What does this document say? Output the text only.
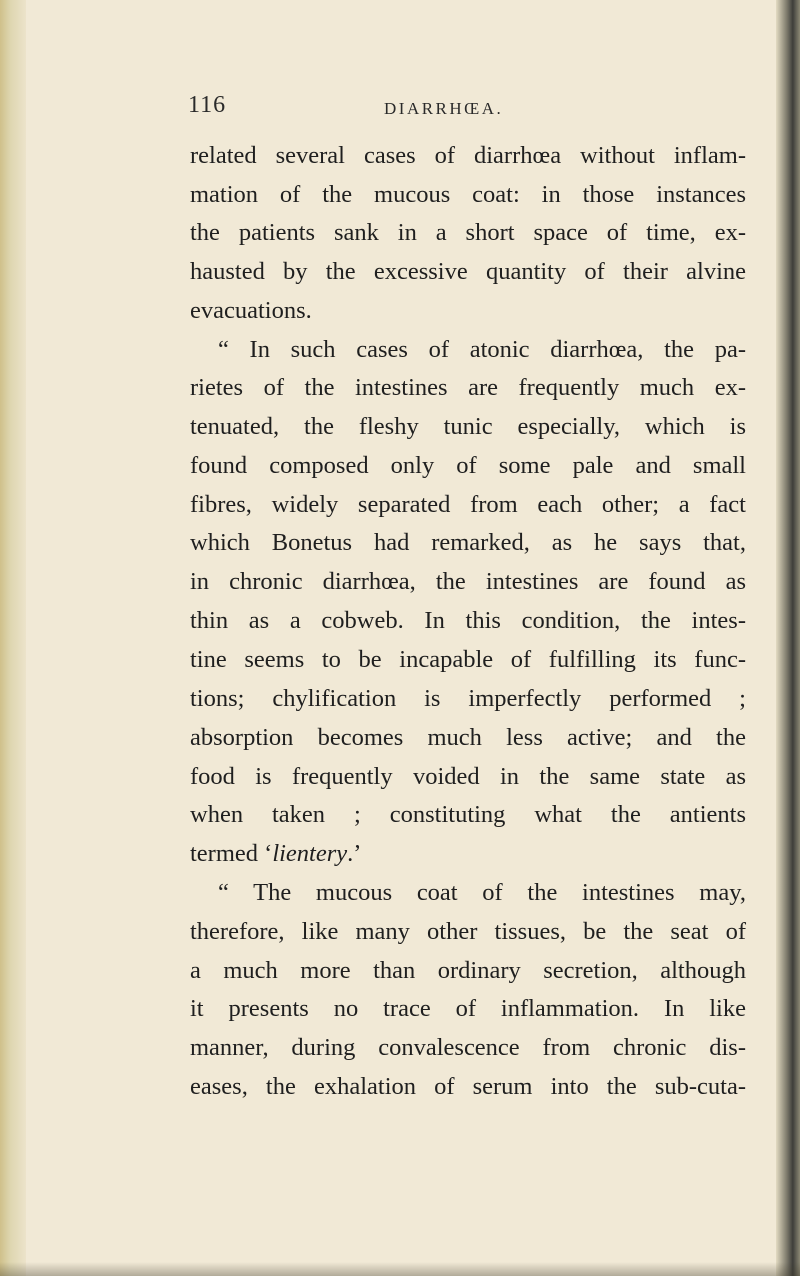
116	DIARRHŒA.
related several cases of diarrhœa without inflam-
mation of the mucous coat: in those instances
the patients sank in a short space of time, ex-
hausted by the excessive quantity of their alvine
evacuations.
“ In such cases of atonic diarrhœa, the pa-
rietes of the intestines are frequently much ex-
tenuated, the fleshy tunic especially, which is
found composed only of some pale and small
fibres, widely separated from each other; a fact
which Bonetus had remarked, as he says that,
in chronic diarrhœa, the intestines are found as
thin as a cobweb. In this condition, the intes-
tine seems to be incapable of fulfilling its func-
tions; chylification is imperfectly performed ;
absorption becomes much less active; and the
food is frequently voided in the same state as
when taken ; constituting what the antients
termed ‘lientery.’
“ The mucous coat of the intestines may,
therefore, like many other tissues, be the seat of
a much more than ordinary secretion, although
it presents no trace of inflammation. In like
manner, during convalescence from chronic dis-
eases, the exhalation of serum into the sub-cuta-
